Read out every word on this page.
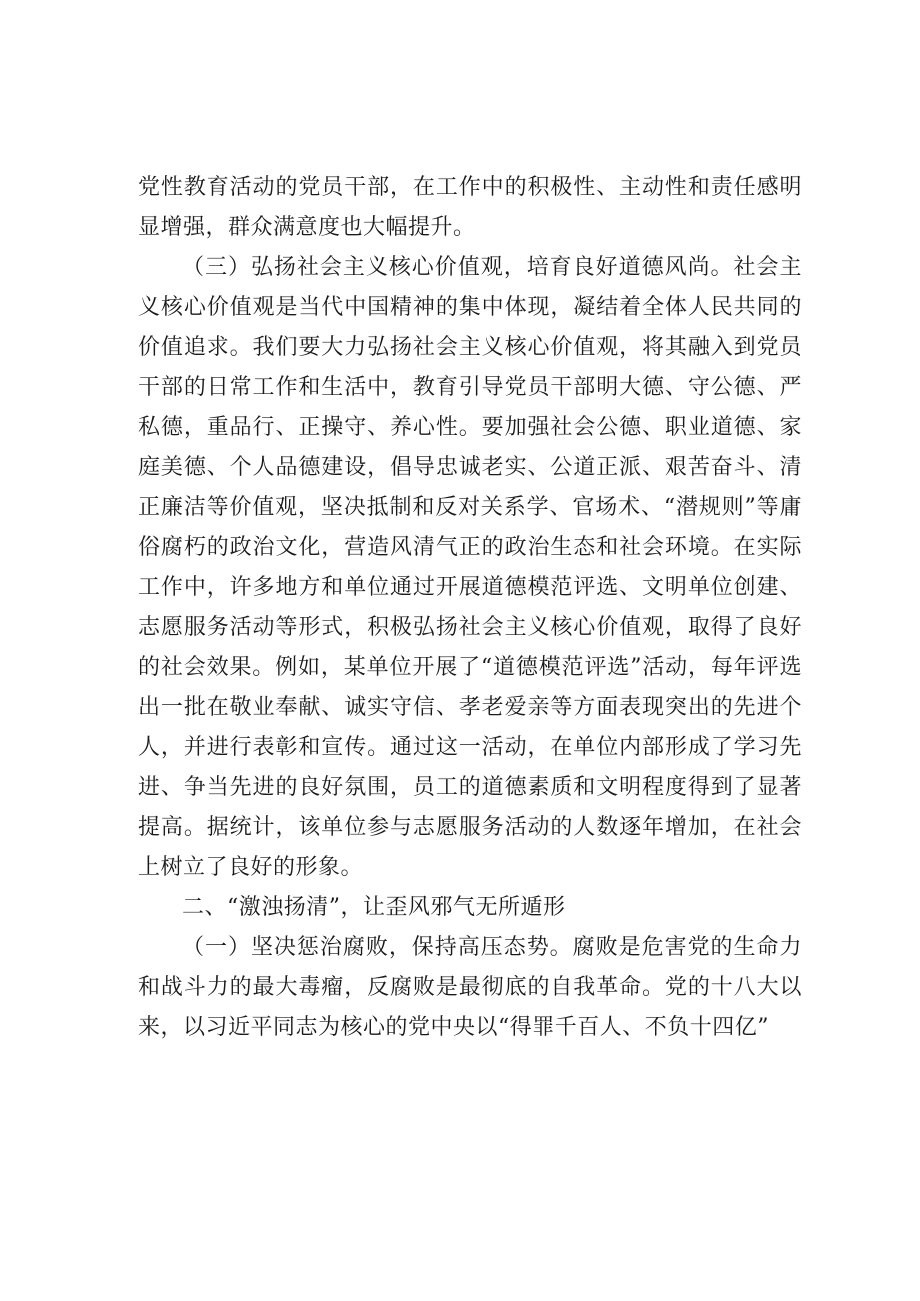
党性教育活动的党员干部，在工作中的积极性、主动性和责任感明显增强，群众满意度也大幅提升。

（三）弘扬社会主义核心价值观，培育良好道德风尚。社会主义核心价值观是当代中国精神的集中体现，凝结着全体人民共同的价值追求。我们要大力弘扬社会主义核心价值观，将其融入到党员干部的日常工作和生活中，教育引导党员干部明大德、守公德、严私德，重品行、正操守、养心性。要加强社会公德、职业道德、家庭美德、个人品德建设，倡导忠诚老实、公道正派、艰苦奋斗、清正廉洁等价值观，坚决抵制和反对关系学、官场术、“潜规则”等庸俗腐朽的政治文化，营造风清气正的政治生态和社会环境。在实际工作中，许多地方和单位通过开展道德模范评选、文明单位创建、志愿服务活动等形式，积极弘扬社会主义核心价值观，取得了良好的社会效果。例如，某单位开展了“道德模范评选”活动，每年评选出一批在敬业奉献、诚实守信、孝老爱亲等方面表现突出的先进个人，并进行表彰和宣传。通过这一活动，在单位内部形成了学习先进、争当先进的良好氛围，员工的道德素质和文明程度得到了显著提高。据统计，该单位参与志愿服务活动的人数逐年增加，在社会上树立了良好的形象。

二、“激浊扬清”，让歪风邪气无所遁形

（一）坚决惩治腐败，保持高压态势。腐败是危害党的生命力和战斗力的最大毒瘤，反腐败是最彻底的自我革命。党的十八大以来，以习近平同志为核心的党中央以“得罪千百人、不负十四亿”
